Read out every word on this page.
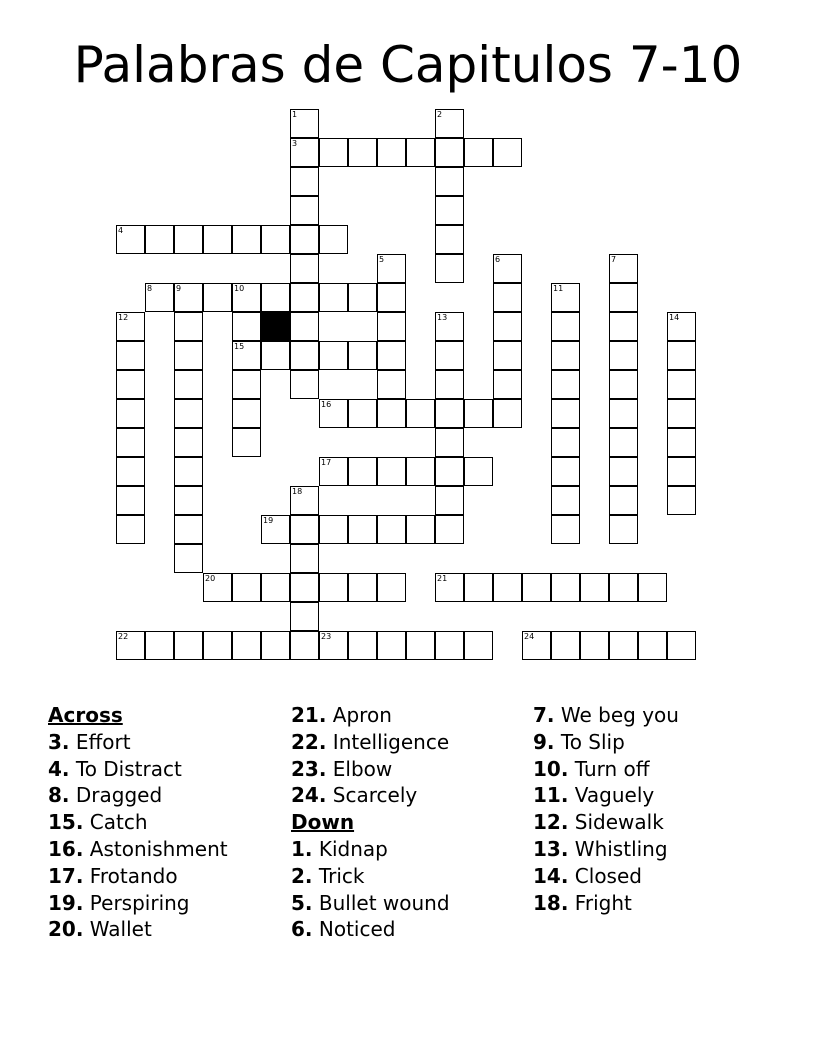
Palabras de Capitulos 7-10
1
3
2
4
5	6	7
8	9	10
15
11
12	13	14
16
17
18
19
20	21
22	23	24
Across
3. Effort
4. To Distract
8. Dragged
15. Catch
16. Astonishment
17. Frotando
19. Perspiring
20. Wallet
21. Apron
22. Intelligence
23. Elbow
24. Scarcely
Down
1. Kidnap
2. Trick
5. Bullet wound
6. Noticed
7. We beg you
9. To Slip
10. Turn off
11. Vaguely
12. Sidewalk
13. Whistling
14. Closed
18. Fright
